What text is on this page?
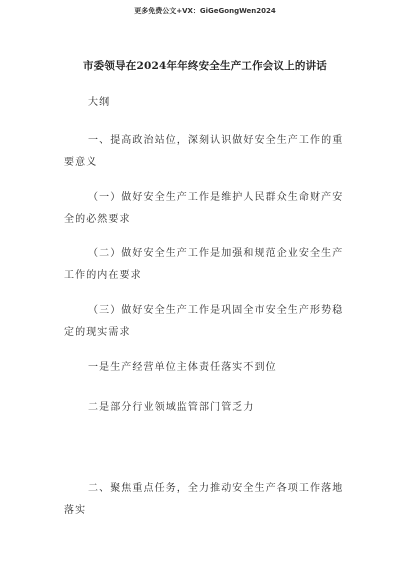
更多免费公文+VX：GiGeGongWen2024
市委领导在2024年年终安全生产工作会议上的讲话
大纲
一、提高政治站位，深刻认识做好安全生产工作的重要意义
（一）做好安全生产工作是维护人民群众生命财产安全的必然要求
（二）做好安全生产工作是加强和规范企业安全生产工作的内在要求
（三）做好安全生产工作是巩固全市安全生产形势稳定的现实需求
一是生产经营单位主体责任落实不到位
二是部分行业领域监管部门管乏力
二、聚焦重点任务，全力推动安全生产各项工作落地落实
